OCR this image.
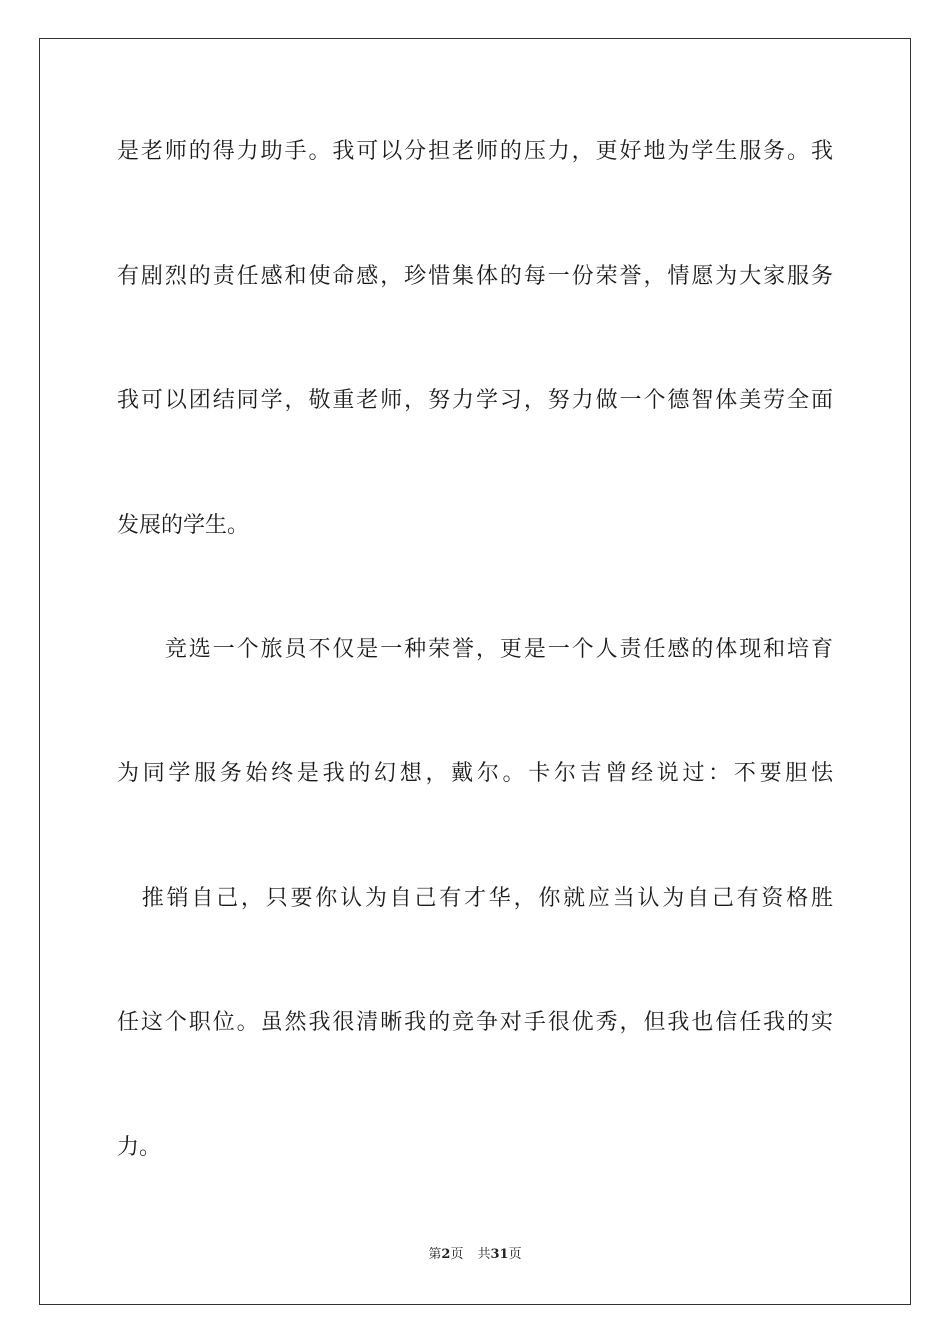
是老师的得力助手。我可以分担老师的压力，更好地为学生服务。我
有剧烈的责任感和使命感，珍惜集体的每一份荣誉，情愿为大家服务
我可以团结同学，敬重老师，努力学习，努力做一个德智体美劳全面
发展的学生。
　　竞选一个旅员不仅是一种荣誉，更是一个人责任感的体现和培育
为同学服务始终是我的幻想，戴尔。卡尔吉曾经说过：不要胆怯
　推销自己，只要你认为自己有才华，你就应当认为自己有资格胜
任这个职位。虽然我很清晰我的竞争对手很优秀，但我也信任我的实
力。
第2页 共31页
